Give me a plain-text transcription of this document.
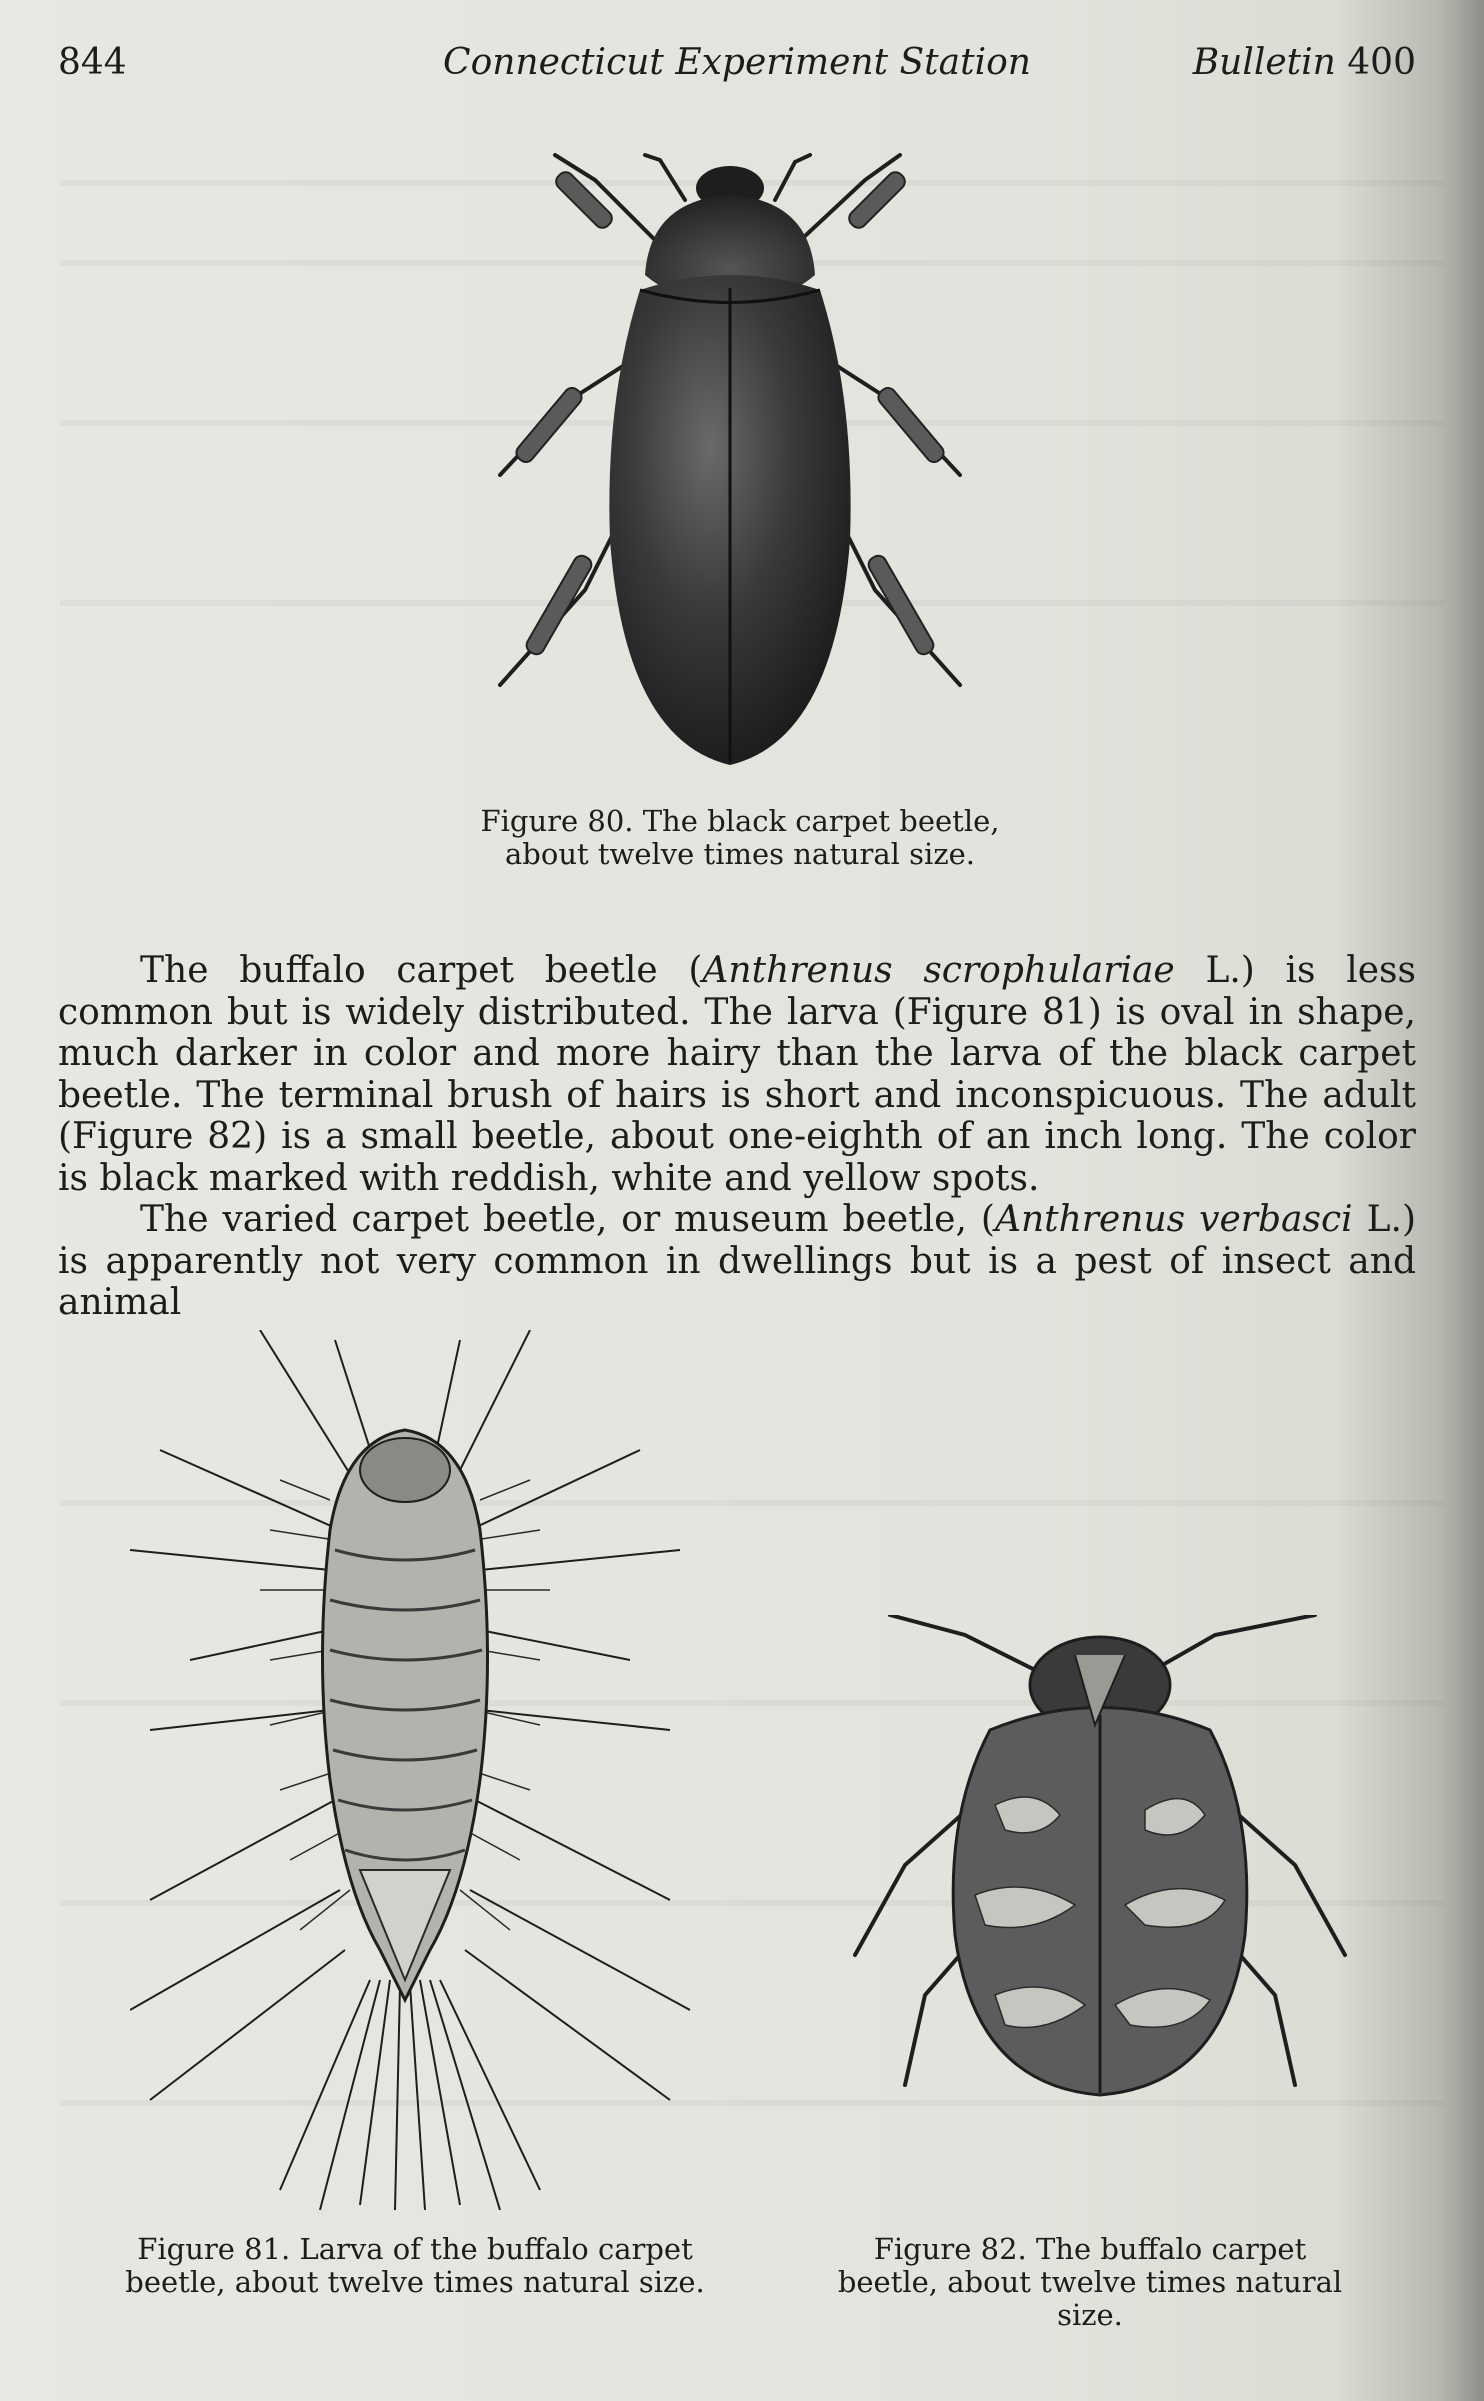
844	Connecticut Experiment Station	Bulletin 400
Figure 80. The black carpet beetle, about twelve times natural size.

The buffalo carpet beetle (Anthrenus scrophulariae L.) is less common but is widely distributed. The larva (Figure 81) is oval in shape, much darker in color and more hairy than the larva of the black carpet beetle. The terminal brush of hairs is short and inconspicuous. The adult (Figure 82) is a small beetle, about one-eighth of an inch long. The color is black marked with reddish, white and yellow spots.

The varied carpet beetle, or museum beetle, (Anthrenus verbasci L.) is apparently not very common in dwellings but is a pest of insect and animal

Figure 81. Larva of the buffalo carpet beetle, about twelve times natural size.
Figure 82. The buffalo carpet beetle, about twelve times natural size.
